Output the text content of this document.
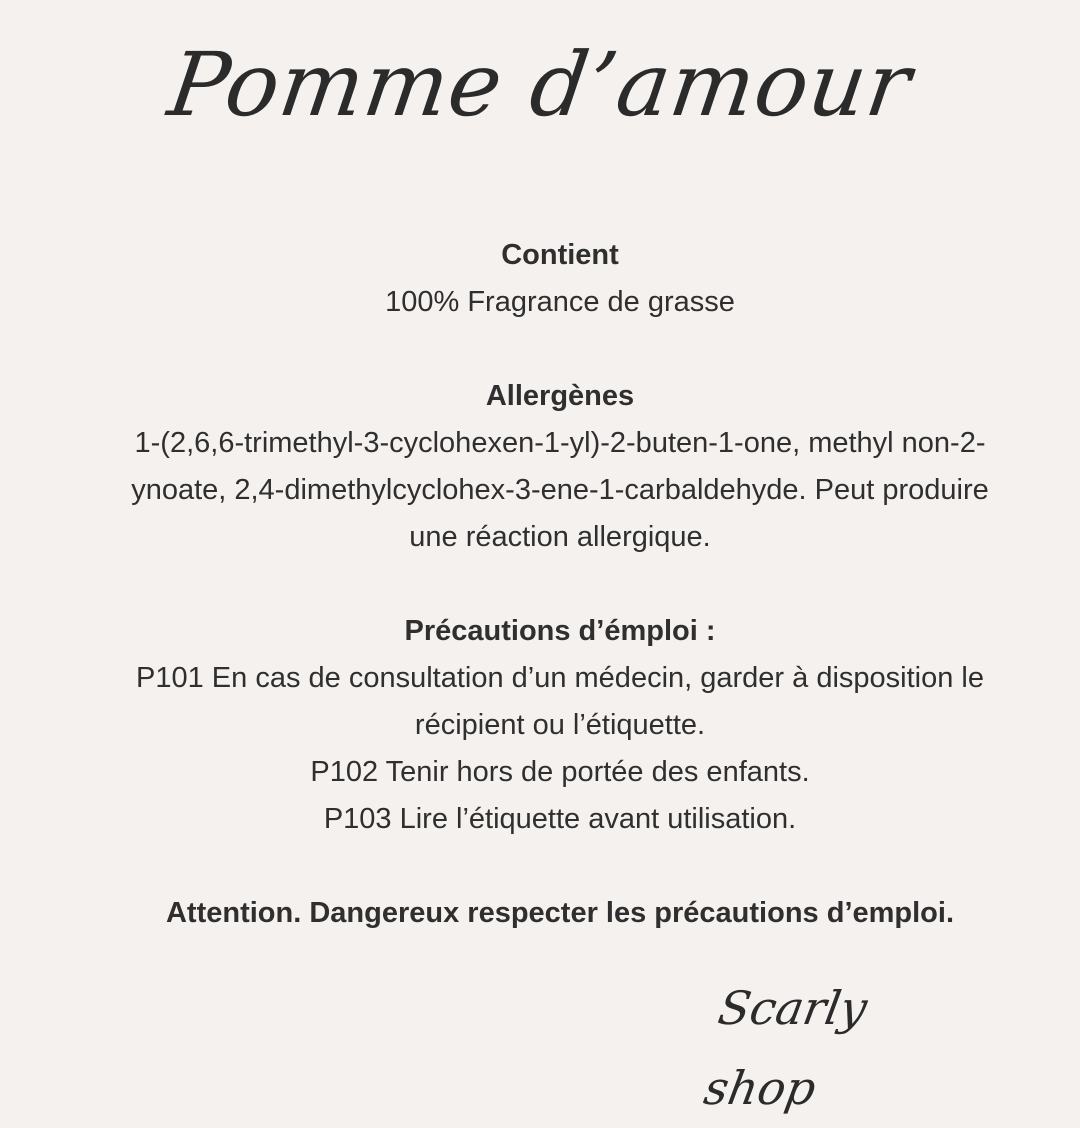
Pomme d’amour
Contient
100% Fragrance de grasse
Allergènes
1-(2,6,6-trimethyl-3-cyclohexen-1-yl)-2-buten-1-one, methyl non-2-
ynoate, 2,4-dimethylcyclohex-3-ene-1-carbaldehyde. Peut produire
une réaction allergique.
Précautions d’émploi :
P101 En cas de consultation d’un médecin, garder à disposition le
récipient ou l’étiquette.
P102 Tenir hors de portée des enfants.
P103 Lire l’étiquette avant utilisation.
Attention. Dangereux respecter les précautions d’emploi.
Scarly shop
